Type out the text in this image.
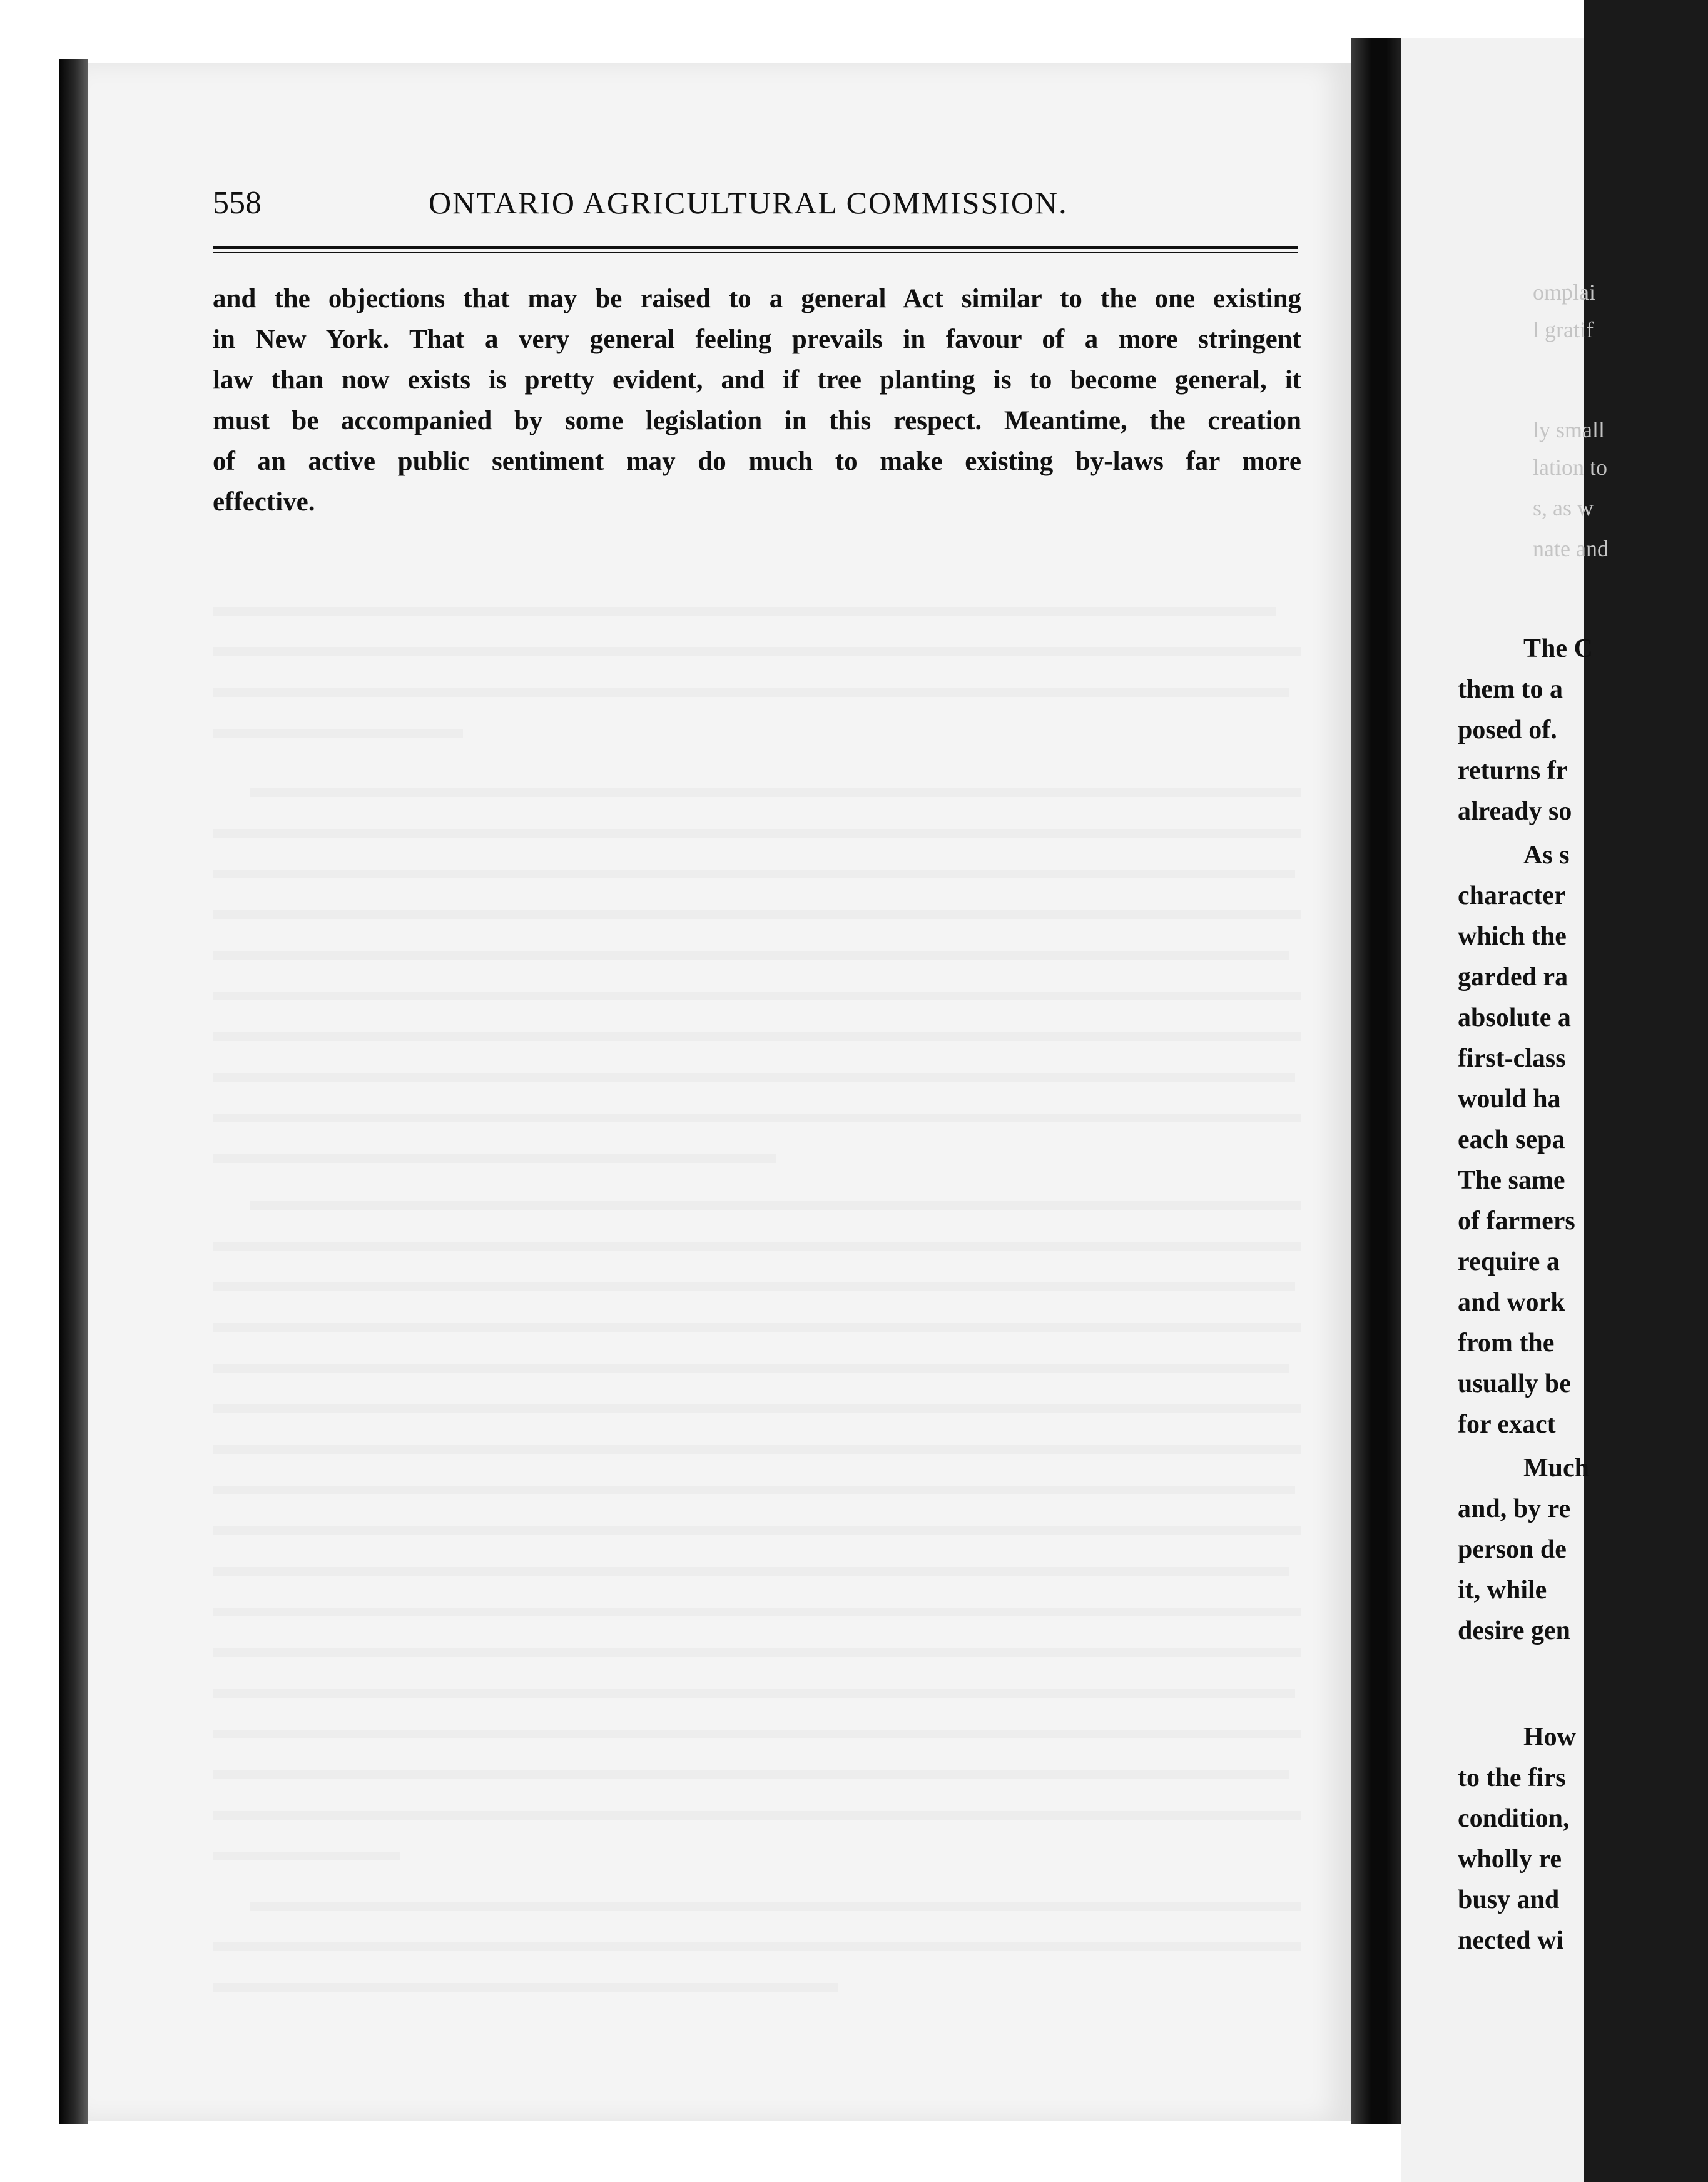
558	ONTARIO AGRICULTURAL COMMISSION.
and the objections that may be raised to a general Act similar to the one existing
in New York. That a very general feeling prevails in favour of a more stringent
law than now exists is pretty evident, and if tree planting is to become general, it
must be accompanied by some legislation in this respect. Meantime, the creation
of an active public sentiment may do much to make existing by-laws far more
effective.
omplai
l gratif
ly small
lation to
s, as w
nate and
The C
them to a
posed of.
returns fr
already so
As s
character
which the
garded ra
absolute a
first-class
would ha
each sepa
The same
of farmers
require a
and work
from the
usually be
for exact
Much
and, by re
person de
it, while
desire gen
How
to the firs
condition,
wholly re
busy and
nected wi
